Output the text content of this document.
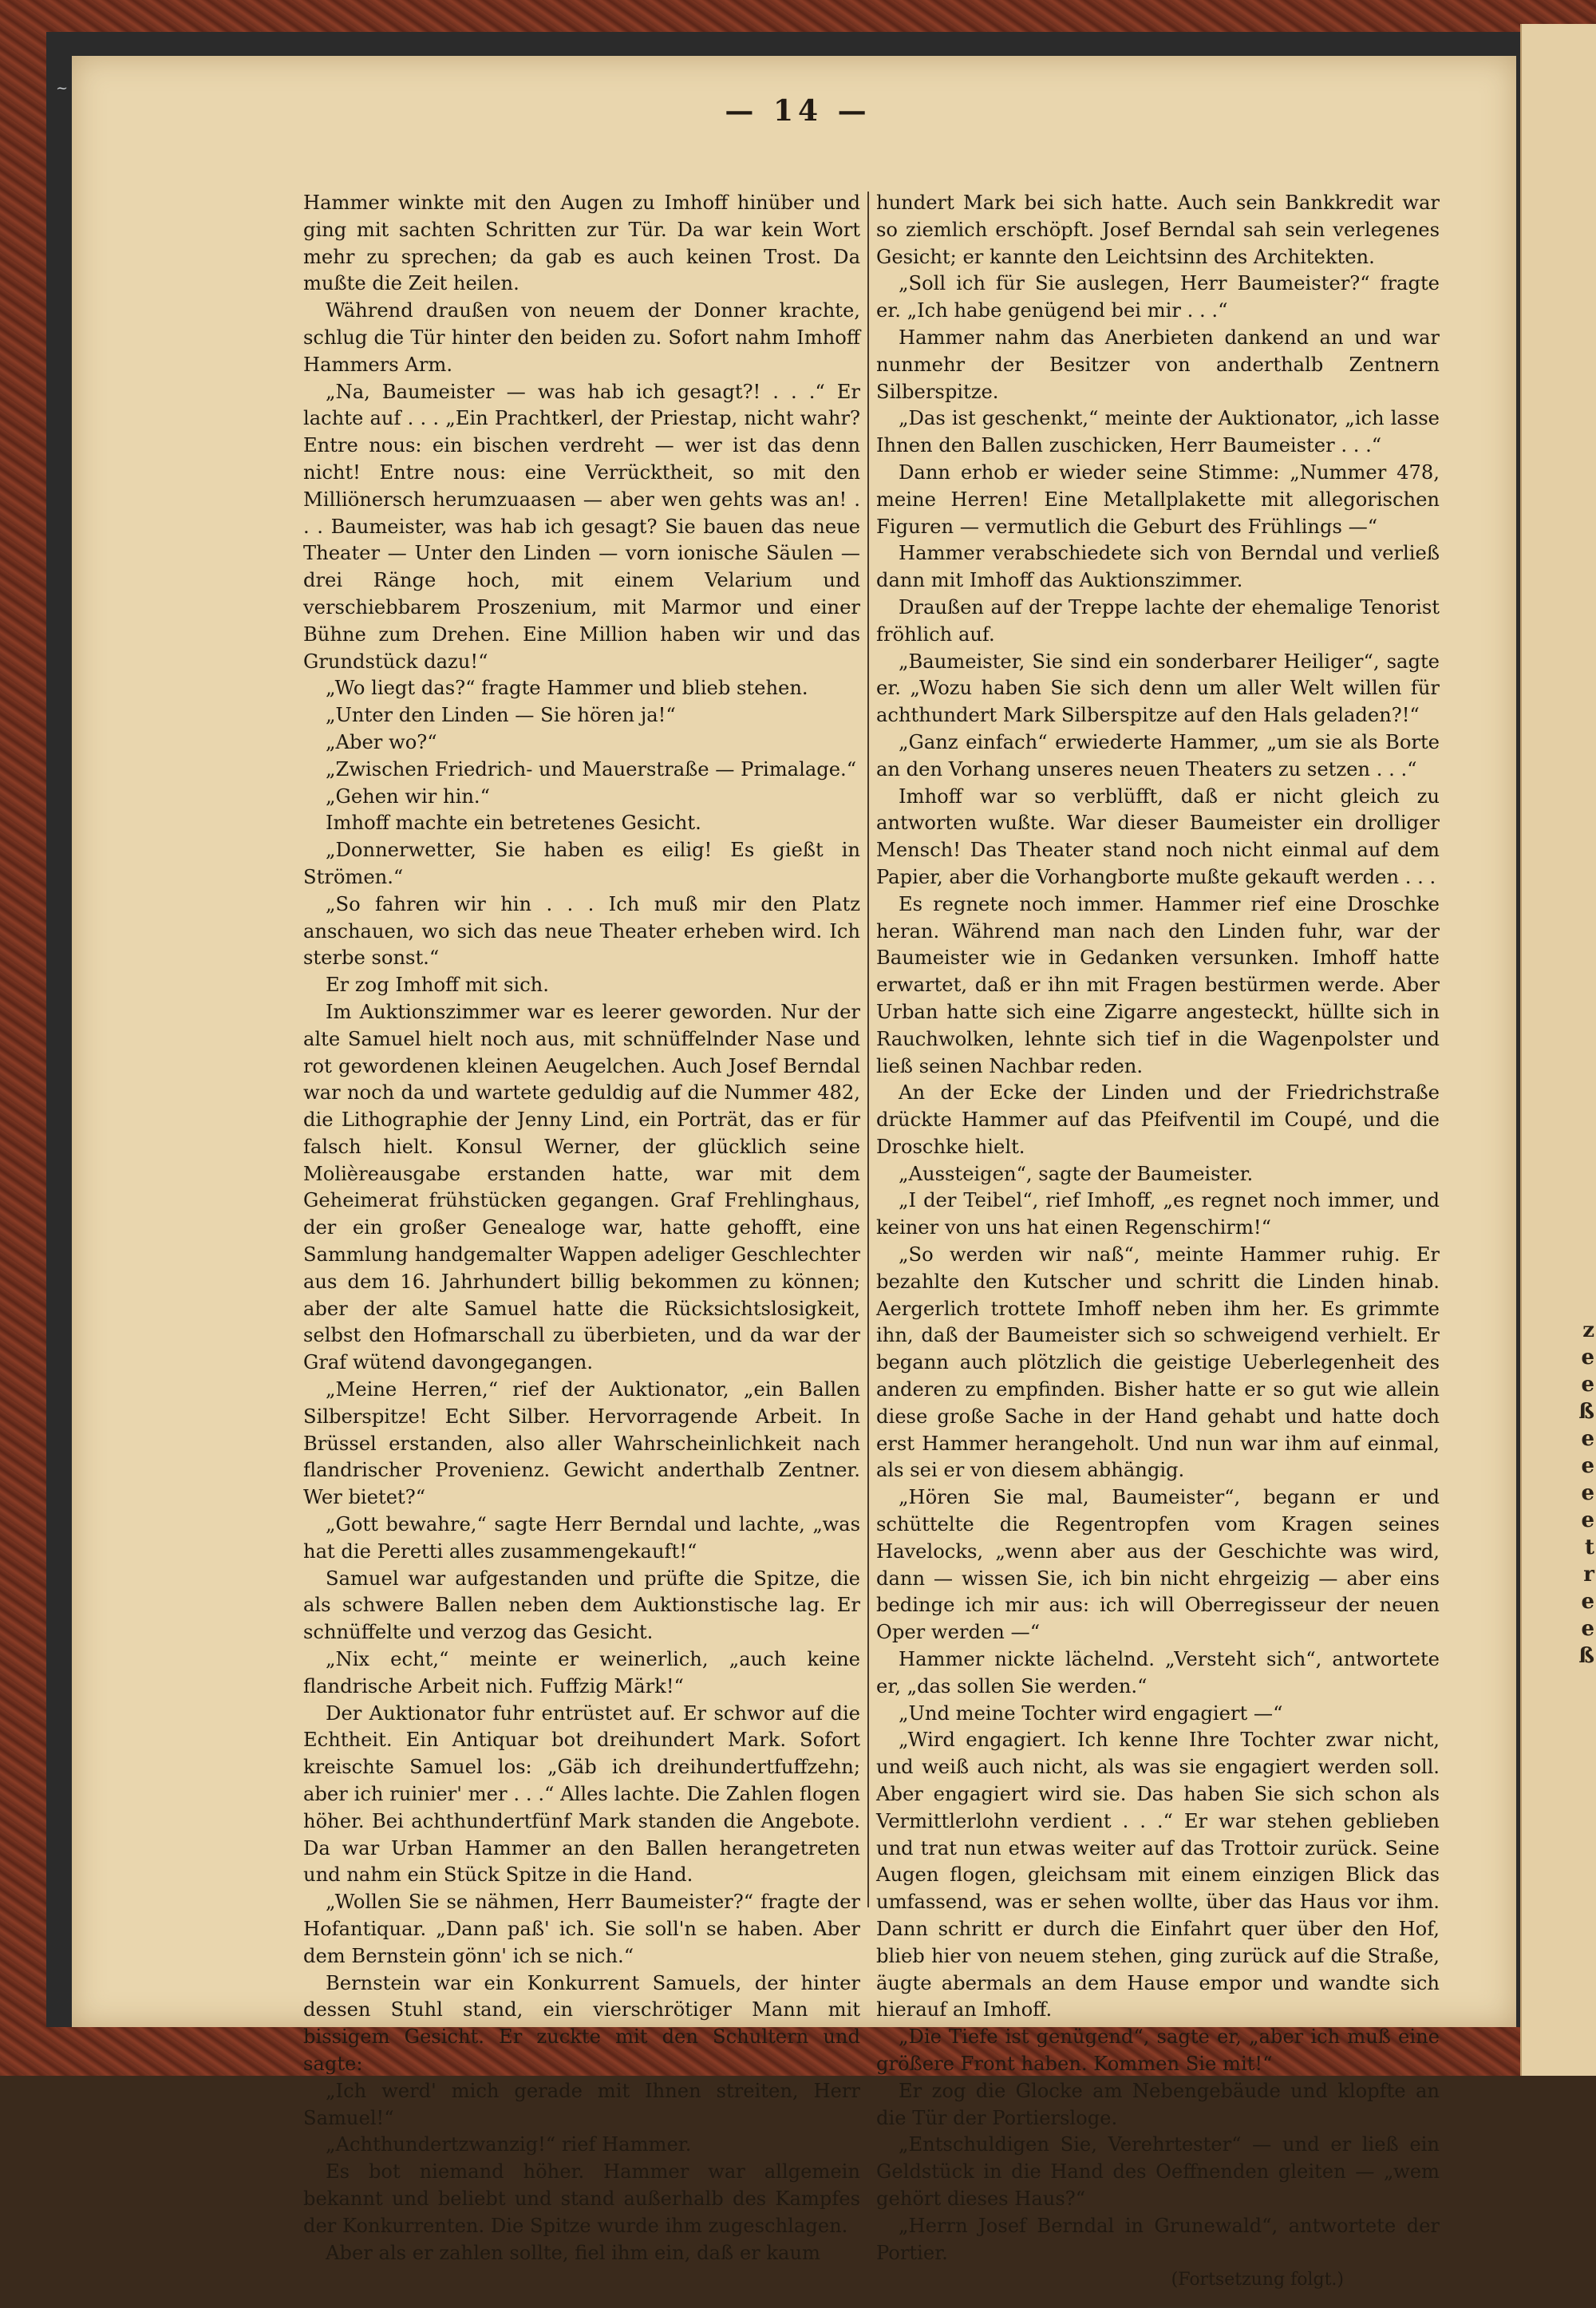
z
e
e
ß
e
e
e
e
t
r
e
e
ß
~
— 14 —

Hammer winkte mit den Augen zu Imhoff hinüber und ging mit sachten Schritten zur Tür. Da war kein Wort mehr zu sprechen; da gab es auch keinen Trost. Da mußte die Zeit heilen.

Während draußen von neuem der Donner krachte, schlug die Tür hinter den beiden zu. Sofort nahm Imhoff Hammers Arm.

„Na, Baumeister — was hab ich gesagt?! . . .“ Er lachte auf . . . „Ein Prachtkerl, der Priestap, nicht wahr? Entre nous: ein bischen verdreht — wer ist das denn nicht! Entre nous: eine Verrücktheit, so mit den Milliönersch herumzuaasen — aber wen gehts was an! . . . Baumeister, was hab ich gesagt? Sie bauen das neue Theater — Unter den Linden — vorn ionische Säulen — drei Ränge hoch, mit einem Velarium und verschiebbarem Proszenium, mit Marmor und einer Bühne zum Drehen. Eine Million haben wir und das Grundstück dazu!“

„Wo liegt das?“ fragte Hammer und blieb stehen.

„Unter den Linden — Sie hören ja!“

„Aber wo?“

„Zwischen Friedrich- und Mauerstraße — Primalage.“

„Gehen wir hin.“

Imhoff machte ein betretenes Gesicht.

„Donnerwetter, Sie haben es eilig! Es gießt in Strömen.“

„So fahren wir hin . . . Ich muß mir den Platz anschauen, wo sich das neue Theater erheben wird. Ich sterbe sonst.“

Er zog Imhoff mit sich.

Im Auktionszimmer war es leerer geworden. Nur der alte Samuel hielt noch aus, mit schnüffelnder Nase und rot gewordenen kleinen Aeugelchen. Auch Josef Berndal war noch da und wartete geduldig auf die Nummer 482, die Lithographie der Jenny Lind, ein Porträt, das er für falsch hielt. Konsul Werner, der glücklich seine Molièreausgabe erstanden hatte, war mit dem Geheimerat frühstücken gegangen. Graf Frehlinghaus, der ein großer Genealoge war, hatte gehofft, eine Sammlung handgemalter Wappen adeliger Geschlechter aus dem 16. Jahrhundert billig bekommen zu können; aber der alte Samuel hatte die Rücksichtslosigkeit, selbst den Hofmarschall zu überbieten, und da war der Graf wütend davongegangen.

„Meine Herren,“ rief der Auktionator, „ein Ballen Silberspitze! Echt Silber. Hervorragende Arbeit. In Brüssel erstanden, also aller Wahrscheinlichkeit nach flandrischer Provenienz. Gewicht anderthalb Zentner. Wer bietet?“

„Gott bewahre,“ sagte Herr Berndal und lachte, „was hat die Peretti alles zusammengekauft!“

Samuel war aufgestanden und prüfte die Spitze, die als schwere Ballen neben dem Auktionstische lag. Er schnüffelte und verzog das Gesicht.

„Nix echt,“ meinte er weinerlich, „auch keine flandrische Arbeit nich. Fuffzig Märk!“

Der Auktionator fuhr entrüstet auf. Er schwor auf die Echtheit. Ein Antiquar bot dreihundert Mark. Sofort kreischte Samuel los: „Gäb ich dreihundertfuffzehn; aber ich ruinier' mer . . .“ Alles lachte. Die Zahlen flogen höher. Bei achthundertfünf Mark standen die Angebote. Da war Urban Hammer an den Ballen herangetreten und nahm ein Stück Spitze in die Hand.

„Wollen Sie se nähmen, Herr Baumeister?“ fragte der Hofantiquar. „Dann paß' ich. Sie soll'n se haben. Aber dem Bernstein gönn' ich se nich.“

Bernstein war ein Konkurrent Samuels, der hinter dessen Stuhl stand, ein vierschrötiger Mann mit bissigem Gesicht. Er zuckte mit den Schultern und sagte:

„Ich werd' mich gerade mit Ihnen streiten, Herr Samuel!“

„Achthundertzwanzig!“ rief Hammer.

Es bot niemand höher. Hammer war allgemein bekannt und beliebt und stand außerhalb des Kampfes der Konkurrenten. Die Spitze wurde ihm zugeschlagen.

Aber als er zahlen sollte, fiel ihm ein, daß er kaum

hundert Mark bei sich hatte. Auch sein Bankkredit war so ziemlich erschöpft. Josef Berndal sah sein verlegenes Gesicht; er kannte den Leichtsinn des Architekten.

„Soll ich für Sie auslegen, Herr Baumeister?“ fragte er. „Ich habe genügend bei mir . . .“

Hammer nahm das Anerbieten dankend an und war nunmehr der Besitzer von anderthalb Zentnern Silberspitze.

„Das ist geschenkt,“ meinte der Auktionator, „ich lasse Ihnen den Ballen zuschicken, Herr Baumeister . . .“

Dann erhob er wieder seine Stimme: „Nummer 478, meine Herren! Eine Metallplakette mit allegorischen Figuren — vermutlich die Geburt des Frühlings —“

Hammer verabschiedete sich von Berndal und verließ dann mit Imhoff das Auktionszimmer.

Draußen auf der Treppe lachte der ehemalige Tenorist fröhlich auf.

„Baumeister, Sie sind ein sonderbarer Heiliger“, sagte er. „Wozu haben Sie sich denn um aller Welt willen für achthundert Mark Silberspitze auf den Hals geladen?!“

„Ganz einfach“ erwiederte Hammer, „um sie als Borte an den Vorhang unseres neuen Theaters zu setzen . . .“

Imhoff war so verblüfft, daß er nicht gleich zu antworten wußte. War dieser Baumeister ein drolliger Mensch! Das Theater stand noch nicht einmal auf dem Papier, aber die Vorhangborte mußte gekauft werden . . .

Es regnete noch immer. Hammer rief eine Droschke heran. Während man nach den Linden fuhr, war der Baumeister wie in Gedanken versunken. Imhoff hatte erwartet, daß er ihn mit Fragen bestürmen werde. Aber Urban hatte sich eine Zigarre angesteckt, hüllte sich in Rauchwolken, lehnte sich tief in die Wagenpolster und ließ seinen Nachbar reden.

An der Ecke der Linden und der Friedrichstraße drückte Hammer auf das Pfeifventil im Coupé, und die Droschke hielt.

„Aussteigen“, sagte der Baumeister.

„I der Teibel“, rief Imhoff, „es regnet noch immer, und keiner von uns hat einen Regenschirm!“

„So werden wir naß“, meinte Hammer ruhig. Er bezahlte den Kutscher und schritt die Linden hinab. Aergerlich trottete Imhoff neben ihm her. Es grimmte ihn, daß der Baumeister sich so schweigend verhielt. Er begann auch plötzlich die geistige Ueberlegenheit des anderen zu empfinden. Bisher hatte er so gut wie allein diese große Sache in der Hand gehabt und hatte doch erst Hammer herangeholt. Und nun war ihm auf einmal, als sei er von diesem abhängig.

„Hören Sie mal, Baumeister“, begann er und schüttelte die Regentropfen vom Kragen seines Havelocks, „wenn aber aus der Geschichte was wird, dann — wissen Sie, ich bin nicht ehrgeizig — aber eins bedinge ich mir aus: ich will Oberregisseur der neuen Oper werden —“

Hammer nickte lächelnd. „Versteht sich“, antwortete er, „das sollen Sie werden.“

„Und meine Tochter wird engagiert —“

„Wird engagiert. Ich kenne Ihre Tochter zwar nicht, und weiß auch nicht, als was sie engagiert werden soll. Aber engagiert wird sie. Das haben Sie sich schon als Vermittlerlohn verdient . . .“ Er war stehen geblieben und trat nun etwas weiter auf das Trottoir zurück. Seine Augen flogen, gleichsam mit einem einzigen Blick das umfassend, was er sehen wollte, über das Haus vor ihm. Dann schritt er durch die Einfahrt quer über den Hof, blieb hier von neuem stehen, ging zurück auf die Straße, äugte abermals an dem Hause empor und wandte sich hierauf an Imhoff.

„Die Tiefe ist genügend“, sagte er, „aber ich muß eine größere Front haben. Kommen Sie mit!“

Er zog die Glocke am Nebengebäude und klopfte an die Tür der Portiersloge.

„Entschuldigen Sie, Verehrtester“ — und er ließ ein Geldstück in die Hand des Oeffnenden gleiten — „wem gehört dieses Haus?“

„Herrn Josef Berndal in Grunewald“, antwortete der Portier.

(Fortsetzung folgt.)
